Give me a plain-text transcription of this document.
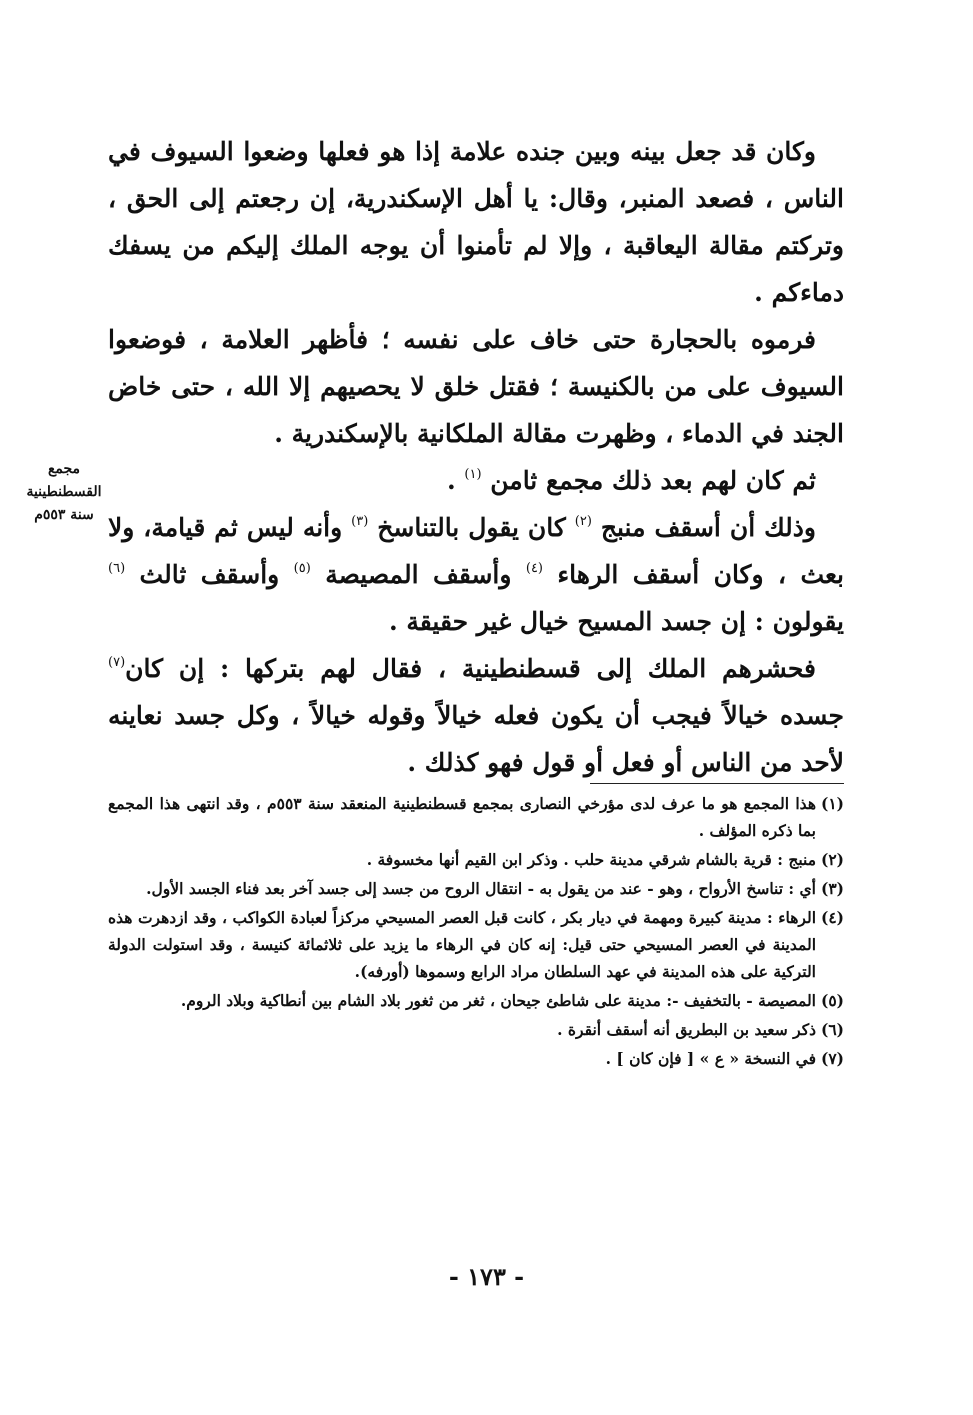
وكان قد جعل بينه وبين جنده علامة إذا هو فعلها وضعوا السيوف في الناس ، فصعد المنبر، وقال: يا أهل الإسكندرية، إن رجعتم إلى الحق ، وتركتم مقالة اليعاقبة ، وإلا لم تأمنوا أن يوجه الملك إليكم من يسفك دماءكم .

فرموه بالحجارة حتى خاف على نفسه ؛ فأظهر العلامة ، فوضعوا السيوف على من بالكنيسة ؛ فقتل خلق لا يحصيهم إلا الله ، حتى خاض الجند في الدماء ، وظهرت مقالة الملكانية بالإسكندرية .

ثم كان لهم بعد ذلك مجمع ثامن $^{(١)}$ .

وذلك أن أسقف منبج $^{(٢)}$ كان يقول بالتناسخ $^{(٣)}$ وأنه ليس ثم قيامة، ولا بعث ، وكان أسقف الرهاء $^{(٤)}$ وأسقف المصيصة $^{(٥)}$ وأسقف ثالث $^{(٦)}$ يقولون : إن جسد المسيح خيال غير حقيقة .

فحشرهم الملك إلى قسطنطينية ، فقال لهم بتركها : إن كان$^{(٧)}$ جسده خيالاً فيجب أن يكون فعله خيالاً وقوله خيالاً ، وكل جسد نعاينه لأحد من الناس أو فعل أو قول فهو كذلك .

مجمع
القسطنطينية
سنة ٥٥٣م

(١)هذا المجمع هو ما عرف لدى مؤرخي النصارى بمجمع قسطنطينية المنعقد سنة ٥٥٣م ، وقد انتهى هذا المجمع بما ذكره المؤلف .

(٢)منبج : قرية بالشام شرقي مدينة حلب . وذكر ابن القيم أنها مخسوفة .

(٣)أي : تناسخ الأرواح ، وهو - عند من يقول به - انتقال الروح من جسد إلى جسد آخر بعد فناء الجسد الأول.

(٤)الرهاء : مدينة كبيرة ومهمة في ديار بكر ، كانت قبل العصر المسيحي مركزاً لعبادة الكواكب ، وقد ازدهرت هذه المدينة في العصر المسيحي حتى قيل: إنه كان في الرهاء ما يزيد على ثلاثمائة كنيسة ، وقد استولت الدولة التركية على هذه المدينة في عهد السلطان مراد الرابع وسموها (أورفه).

(٥)المصيصة - بالتخفيف -: مدينة على شاطئ جيحان ، ثغر من ثغور بلاد الشام بين أنطاكية وبلاد الروم.

(٦)ذكر سعيد بن البطريق أنه أسقف أنقرة .

(٧)في النسخة « ع » [ فإن كان ] .

- ١٧٣ -
